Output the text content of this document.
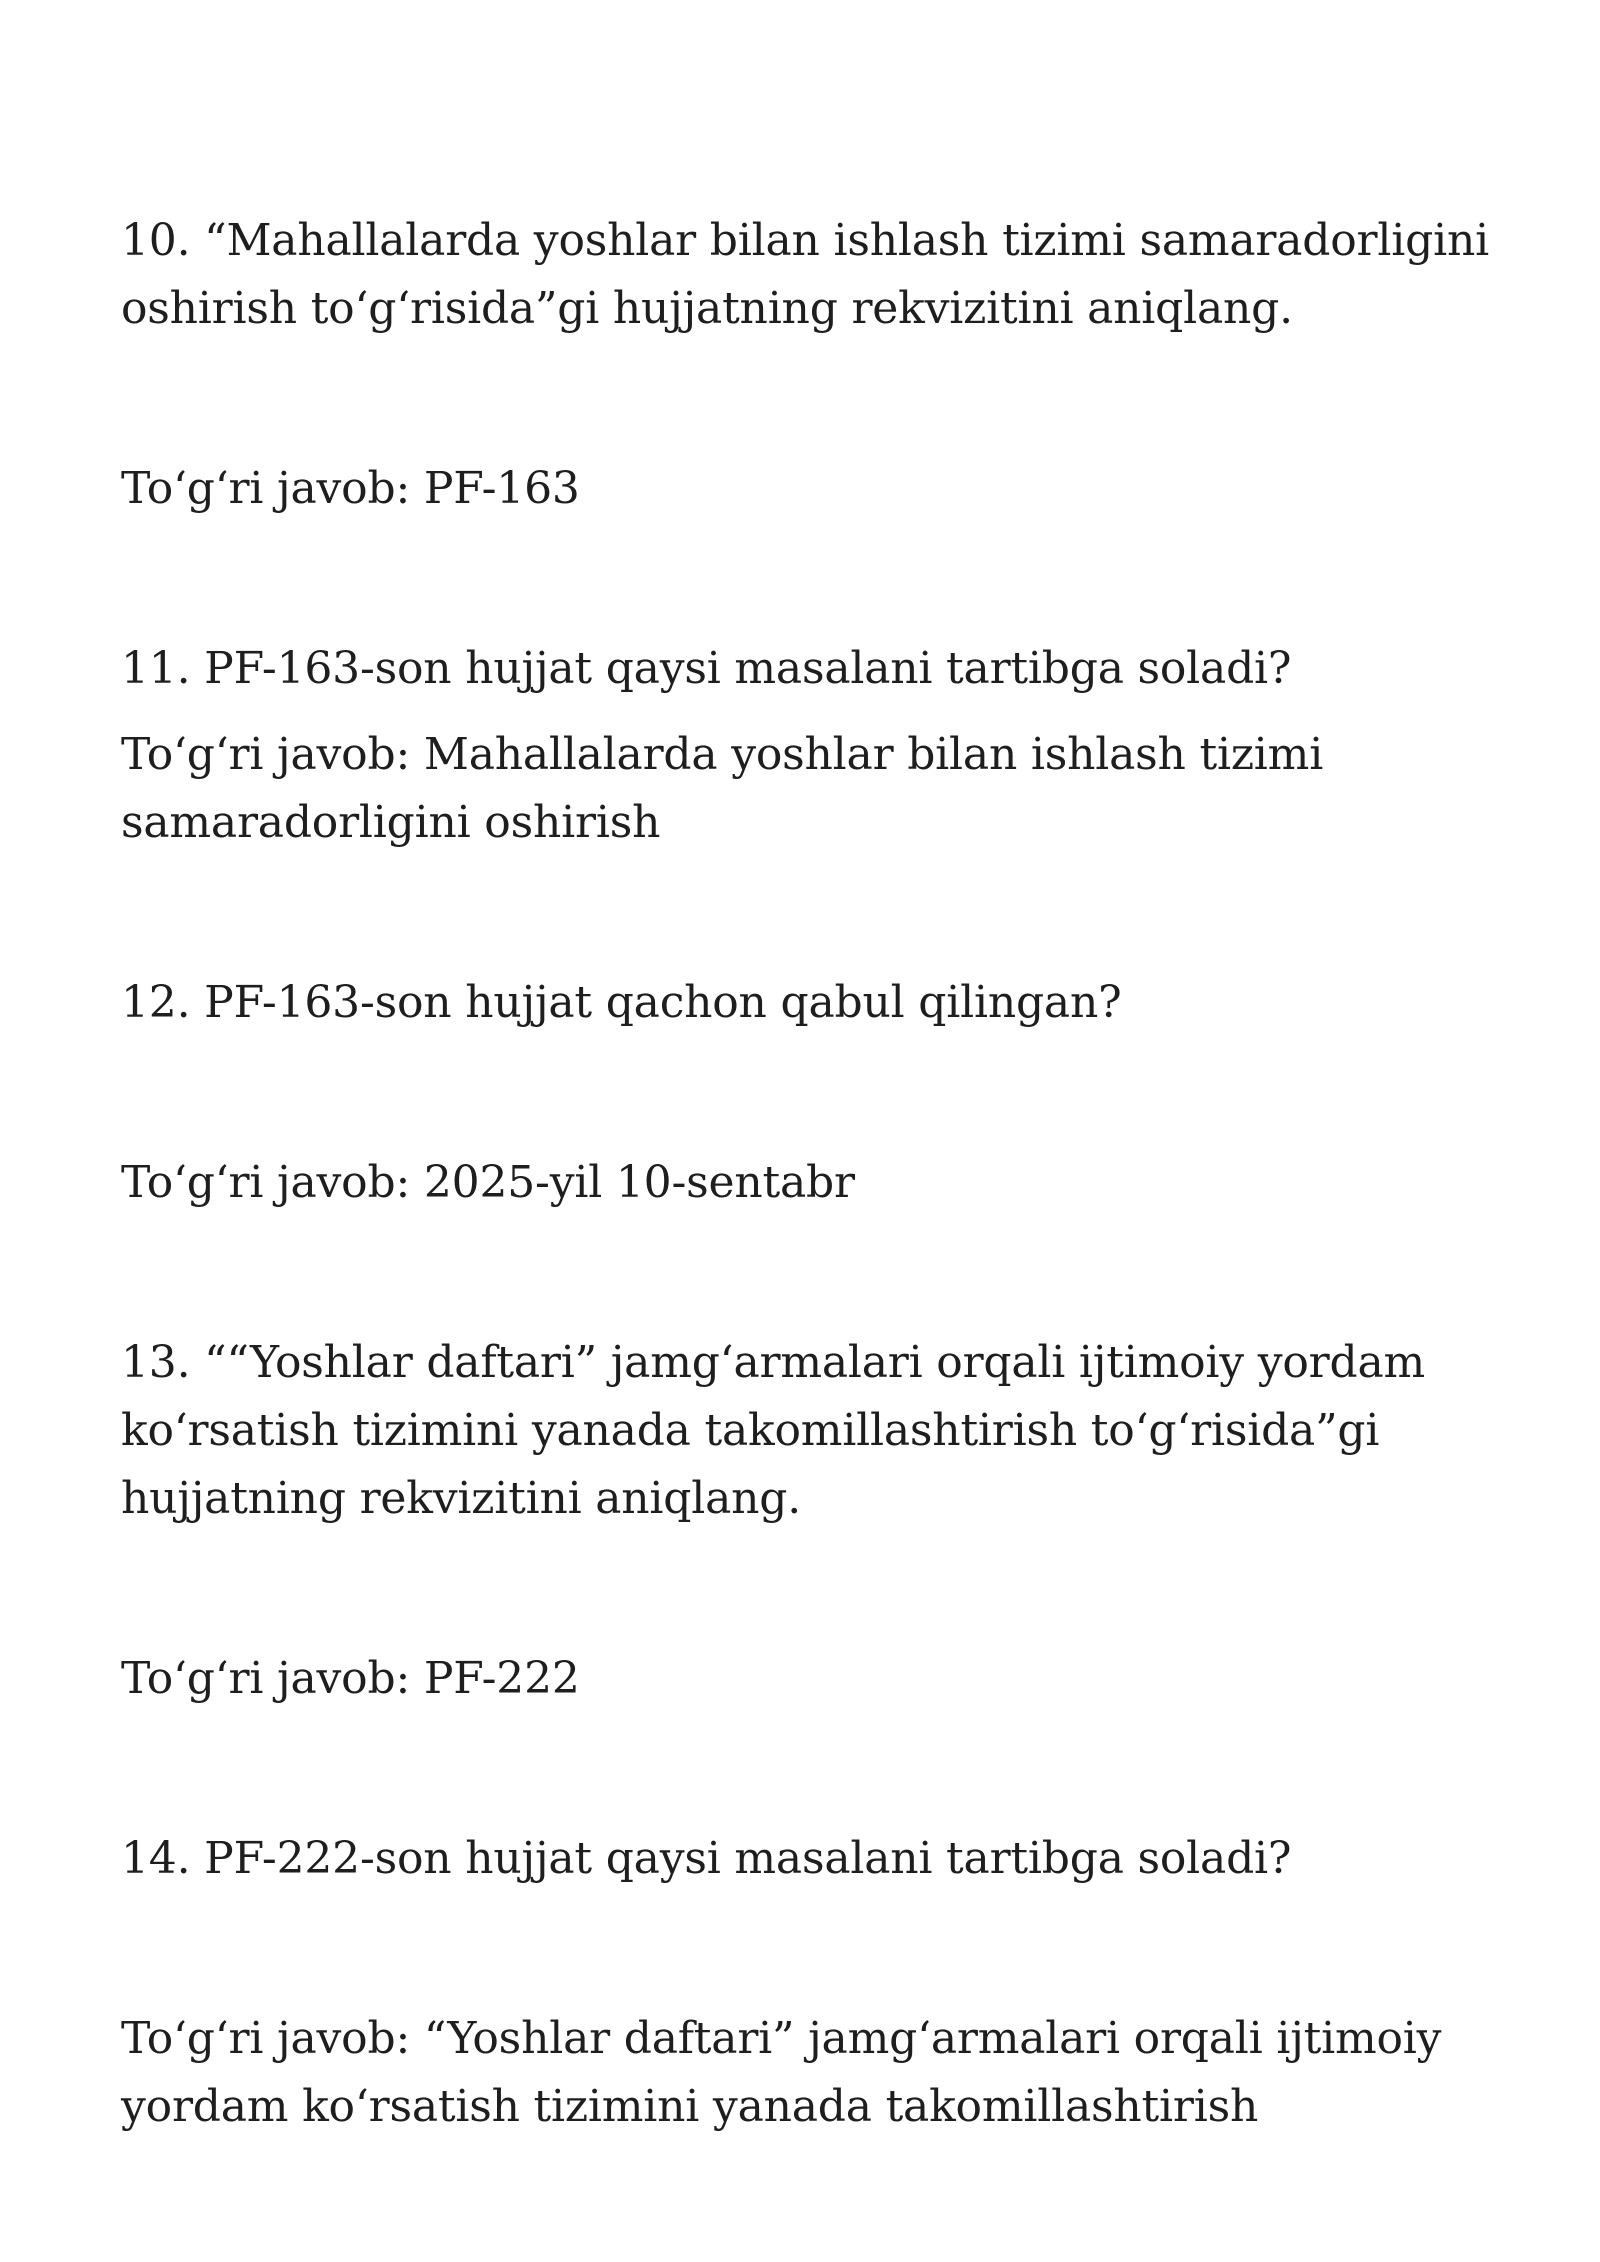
10. “Mahallalarda yoshlar bilan ishlash tizimi samaradorligini

oshirish to‘g‘risida”gi hujjatning rekvizitini aniqlang.

To‘g‘ri javob: PF-163

11. PF-163-son hujjat qaysi masalani tartibga soladi?

To‘g‘ri javob: Mahallalarda yoshlar bilan ishlash tizimi

samaradorligini oshirish

12. PF-163-son hujjat qachon qabul qilingan?

To‘g‘ri javob: 2025-yil 10-sentabr

13. ““Yoshlar daftari” jamg‘armalari orqali ijtimoiy yordam

ko‘rsatish tizimini yanada takomillashtirish to‘g‘risida”gi

hujjatning rekvizitini aniqlang.

To‘g‘ri javob: PF-222

14. PF-222-son hujjat qaysi masalani tartibga soladi?

To‘g‘ri javob: “Yoshlar daftari” jamg‘armalari orqali ijtimoiy

yordam ko‘rsatish tizimini yanada takomillashtirish
